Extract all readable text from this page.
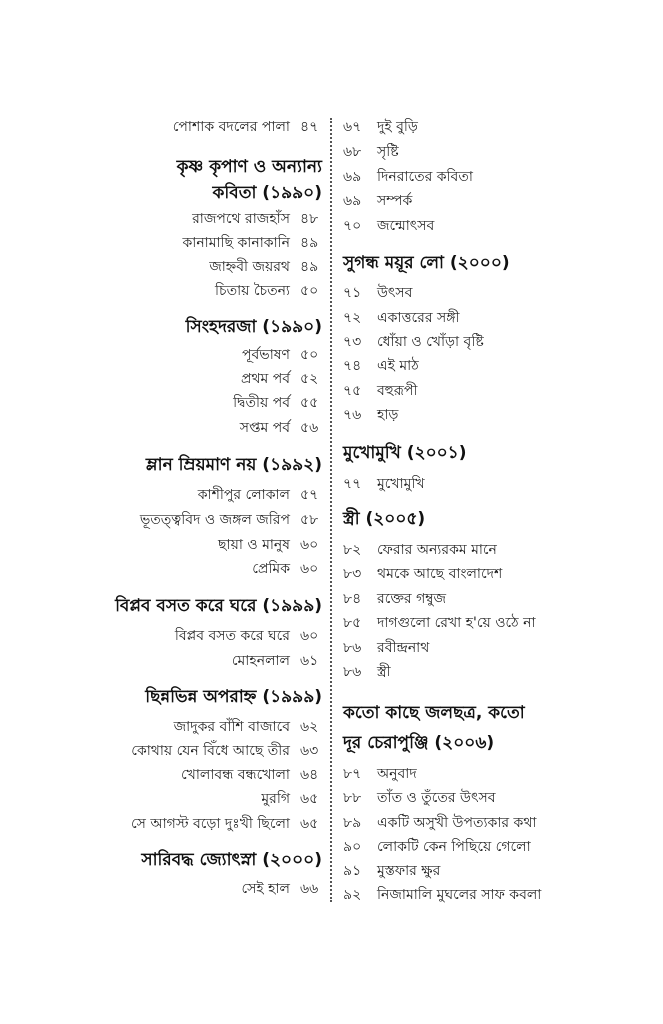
পোশাক বদলের পালা ৪৭
কৃষ্ণ কৃপাণ ও অন্যান্য
কবিতা (১৯৯০)
রাজপথে রাজহাঁস ৪৮
কানামাছি কানাকানি ৪৯
জাহ্নবী জয়রথ ৪৯
চিতায় চৈতন্য ৫০
সিংহদরজা (১৯৯০)
পূর্বভাষণ ৫০
প্রথম পর্ব ৫২
দ্বিতীয় পর্ব ৫৫
সপ্তম পর্ব ৫৬
ম্লান ম্রিয়মাণ নয় (১৯৯২)
কাশীপুর লোকাল ৫৭
ভূতত্ত্ববিদ ও জঙ্গল জরিপ ৫৮
ছায়া ও মানুষ ৬০
প্রেমিক ৬০
বিপ্লব বসত করে ঘরে (১৯৯৯)
বিপ্লব বসত করে ঘরে ৬০
মোহনলাল ৬১
ছিন্নভিন্ন অপরাহ্ন (১৯৯৯)
জাদুকর বাঁশি বাজাবে ৬২
কোথায় যেন বিঁধে আছে তীর ৬৩
খোলাবন্ধ বন্ধখোলা ৬৪
মুরগি ৬৫
সে আগস্ট বড়ো দুঃখী ছিলো ৬৫
সারিবদ্ধ জ্যোৎস্না (২০০০)
সেই হাল ৬৬
৬৭ দুই বুড়ি
৬৮ সৃষ্টি
৬৯ দিনরাতের কবিতা
৬৯ সম্পর্ক
৭০ জন্মোৎসব
সুগন্ধ ময়ূর লো (২০০০)
৭১ উৎসব
৭২ একাত্তরের সঙ্গী
৭৩ ধোঁয়া ও খোঁড়া বৃষ্টি
৭৪ এই মাঠ
৭৫ বহুরূপী
৭৬ হাড়
মুখোমুখি (২০০১)
৭৭ মুখোমুখি
স্ত্রী (২০০৫)
৮২ ফেরার অন্যরকম মানে
৮৩ থমকে আছে বাংলাদেশ
৮৪ রক্তের গম্বুজ
৮৫ দাগগুলো রেখা হ'য়ে ওঠে না
৮৬ রবীন্দ্রনাথ
৮৬ স্ত্রী
কতো কাছে জলছত্র, কতো
দূর চেরাপুঞ্জি (২০০৬)
৮৭ অনুবাদ
৮৮ তাঁত ও তুঁতের উৎসব
৮৯ একটি অসুখী উপত্যকার কথা
৯০ লোকটি কেন পিছিয়ে গেলো
৯১ মুস্তফার ক্ষুর
৯২ নিজামালি মুঘলের সাফ কবলা
